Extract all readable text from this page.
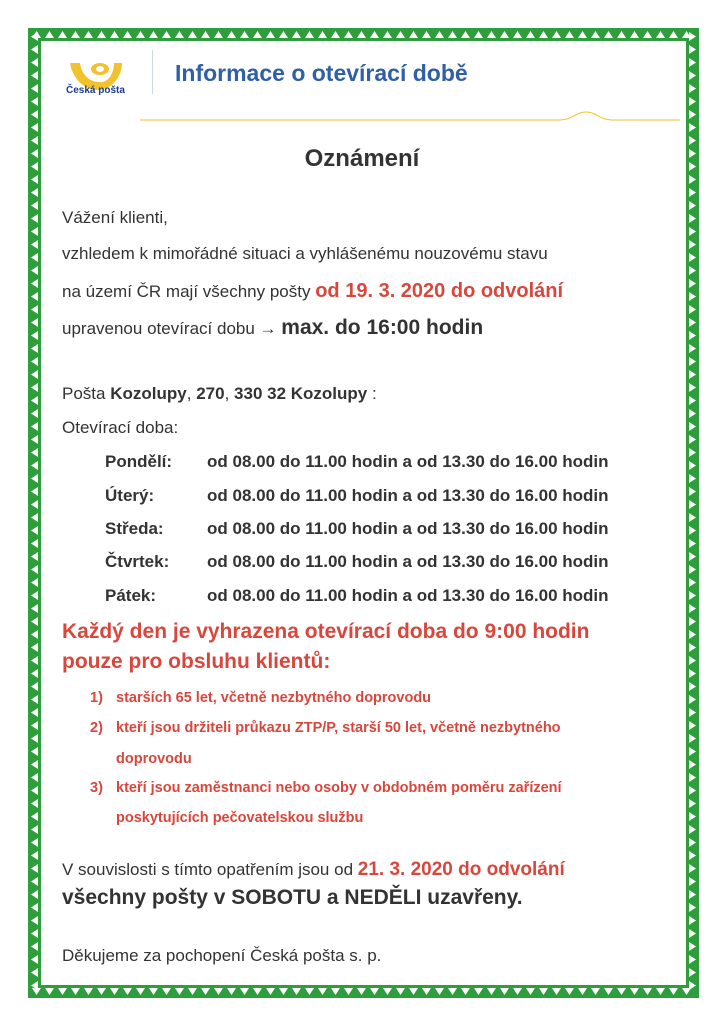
Česká pošta
Informace o otevírací době
Oznámení
Vážení klienti,
vzhledem k mimořádné situaci a vyhlášenému nouzovému stavu
na území ČR mají všechny pošty od 19. 3. 2020 do odvolání
upravenou otevírací dobu → max. do 16:00 hodin
Pošta Kozolupy, 270, 330 32 Kozolupy :
Otevírací doba:
Pondělí: od 08.00 do 11.00 hodin a od 13.30 do 16.00 hodin
Úterý:	od 08.00 do 11.00 hodin a od 13.30 do 16.00 hodin
Středa:	od 08.00 do 11.00 hodin a od 13.30 do 16.00 hodin
Čtvrtek: od 08.00 do 11.00 hodin a od 13.30 do 16.00 hodin
Pátek:	od 08.00 do 11.00 hodin a od 13.30 do 16.00 hodin
Každý den je vyhrazena otevírací doba do 9:00 hodin
pouze pro obsluhu klientů:
1) starších 65 let, včetně nezbytného doprovodu
2) kteří jsou držiteli průkazu ZTP/P, starší 50 let, včetně nezbytného
doprovodu
3) kteří jsou zaměstnanci nebo osoby v obdobném poměru zařízení
poskytujících pečovatelskou službu
V souvislosti s tímto opatřením jsou od 21. 3. 2020 do odvolání
všechny pošty v SOBOTU a NEDĚLI uzavřeny.
Děkujeme za pochopení Česká pošta s. p.
